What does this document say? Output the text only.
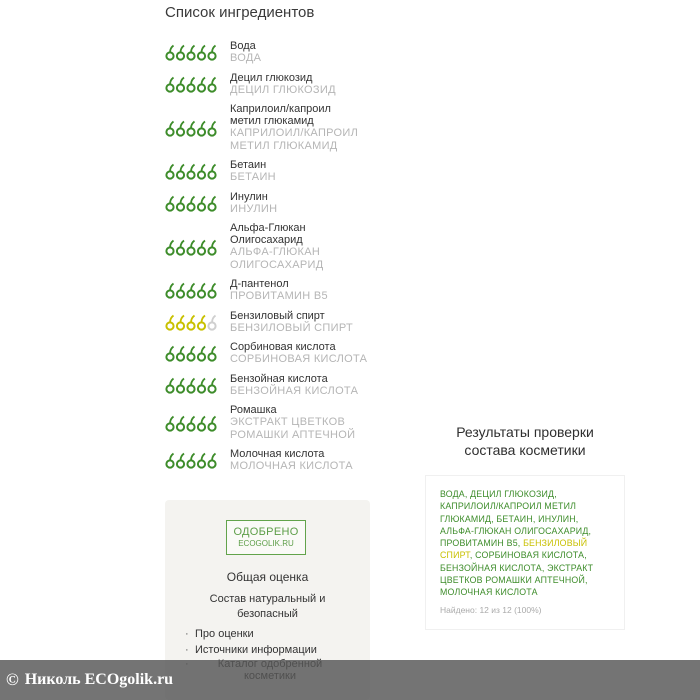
Список ингредиентов
Вода
ВОДА
Децил глюкозид
ДЕЦИЛ ГЛЮКОЗИД
Каприлоил/капроил метил глюкамид
КАПРИЛОИЛ/КАПРОИЛ МЕТИЛ ГЛЮКАМИД
Бетаин
БЕТАИН
Инулин
ИНУЛИН
Альфа-Глюкан Олигосахарид
АЛЬФА-ГЛЮКАН ОЛИГОСАХАРИД
Д-пантенол
ПРОВИТАМИН B5
Бензиловый спирт
БЕНЗИЛОВЫЙ СПИРТ
Сорбиновая кислота
СОРБИНОВАЯ КИСЛОТА
Бензойная кислота
БЕНЗОЙНАЯ КИСЛОТА
Ромашка
ЭКСТРАКТ ЦВЕТКОВ РОМАШКИ АПТЕЧНОЙ
Молочная кислота
МОЛОЧНАЯ КИСЛОТА
ОДОБРЕНО
ECOGOLIK.RU
Общая оценка
Состав натуральный и безопасный
· Про оценки
· Источники информации
·
Результаты проверки состава косметики
ВОДА, ДЕЦИЛ ГЛЮКОЗИД, КАПРИЛОИЛ/КАПРОИЛ МЕТИЛ ГЛЮКАМИД, БЕТАИН, ИНУЛИН, АЛЬФА-ГЛЮКАН ОЛИГОСАХАРИД, ПРОВИТАМИН B5, БЕНЗИЛОВЫЙ СПИРТ, СОРБИНОВАЯ КИСЛОТА, БЕНЗОЙНАЯ КИСЛОТА, ЭКСТРАКТ ЦВЕТКОВ РОМАШКИ АПТЕЧНОЙ, МОЛОЧНАЯ КИСЛОТА
Найдено: 12 из 12 (100%)
© Николь ECOgolik.ru
